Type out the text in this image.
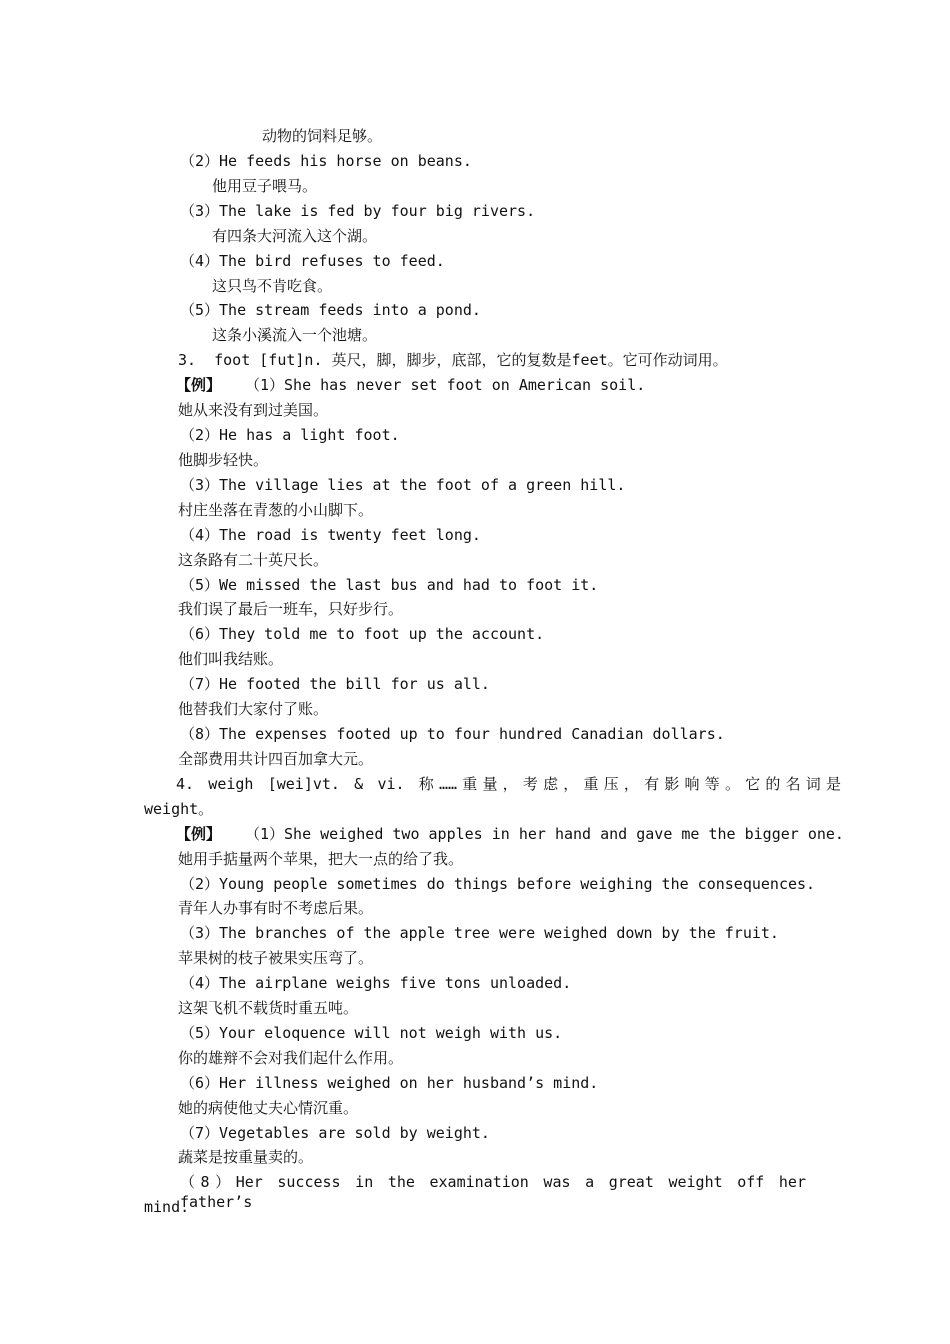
动物的饲料足够。
（2）He feeds his horse on beans.
他用豆子喂马。
（3）The lake is fed by four big rivers.
有四条大河流入这个湖。
（4）The bird refuses to feed.
这只鸟不肯吃食。
（5）The stream feeds into a pond.
这条小溪流入一个池塘。
3.  foot [fut]n. 英尺，脚，脚步，底部，它的复数是feet。它可作动词用。
【例】 （1）She has never set foot on American soil.
她从来没有到过美国。
（2）He has a light foot.
他脚步轻快。
（3）The village lies at the foot of a green hill.
村庄坐落在青葱的小山脚下。
（4）The road is twenty feet long.
这条路有二十英尺长。
（5）We missed the last bus and had to foot it.
我们误了最后一班车，只好步行。
（6）They told me to foot up the account.
他们叫我结账。
（7）He footed the bill for us all.
他替我们大家付了账。
（8）The expenses footed up to four hundred Canadian dollars.
全部费用共计四百加拿大元。
4. weigh [wei]vt. & vi. 称……重量，考虑，重压，有影响等。它的名词是
weight。
【例】 （1）She weighed two apples in her hand and gave me the bigger one.
她用手掂量两个苹果，把大一点的给了我。
（2）Young people sometimes do things before weighing the consequences.
青年人办事有时不考虑后果。
（3）The branches of the apple tree were weighed down by the fruit.
苹果树的枝子被果实压弯了。
（4）The airplane weighs five tons unloaded.
这架飞机不载货时重五吨。
（5）Your eloquence will not weigh with us.
你的雄辩不会对我们起什么作用。
（6）Her illness weighed on her husband’s mind.
她的病使他丈夫心情沉重。
（7）Vegetables are sold by weight.
蔬菜是按重量卖的。
（8）Her success in the examination was a great weight off her father’s
mind.
